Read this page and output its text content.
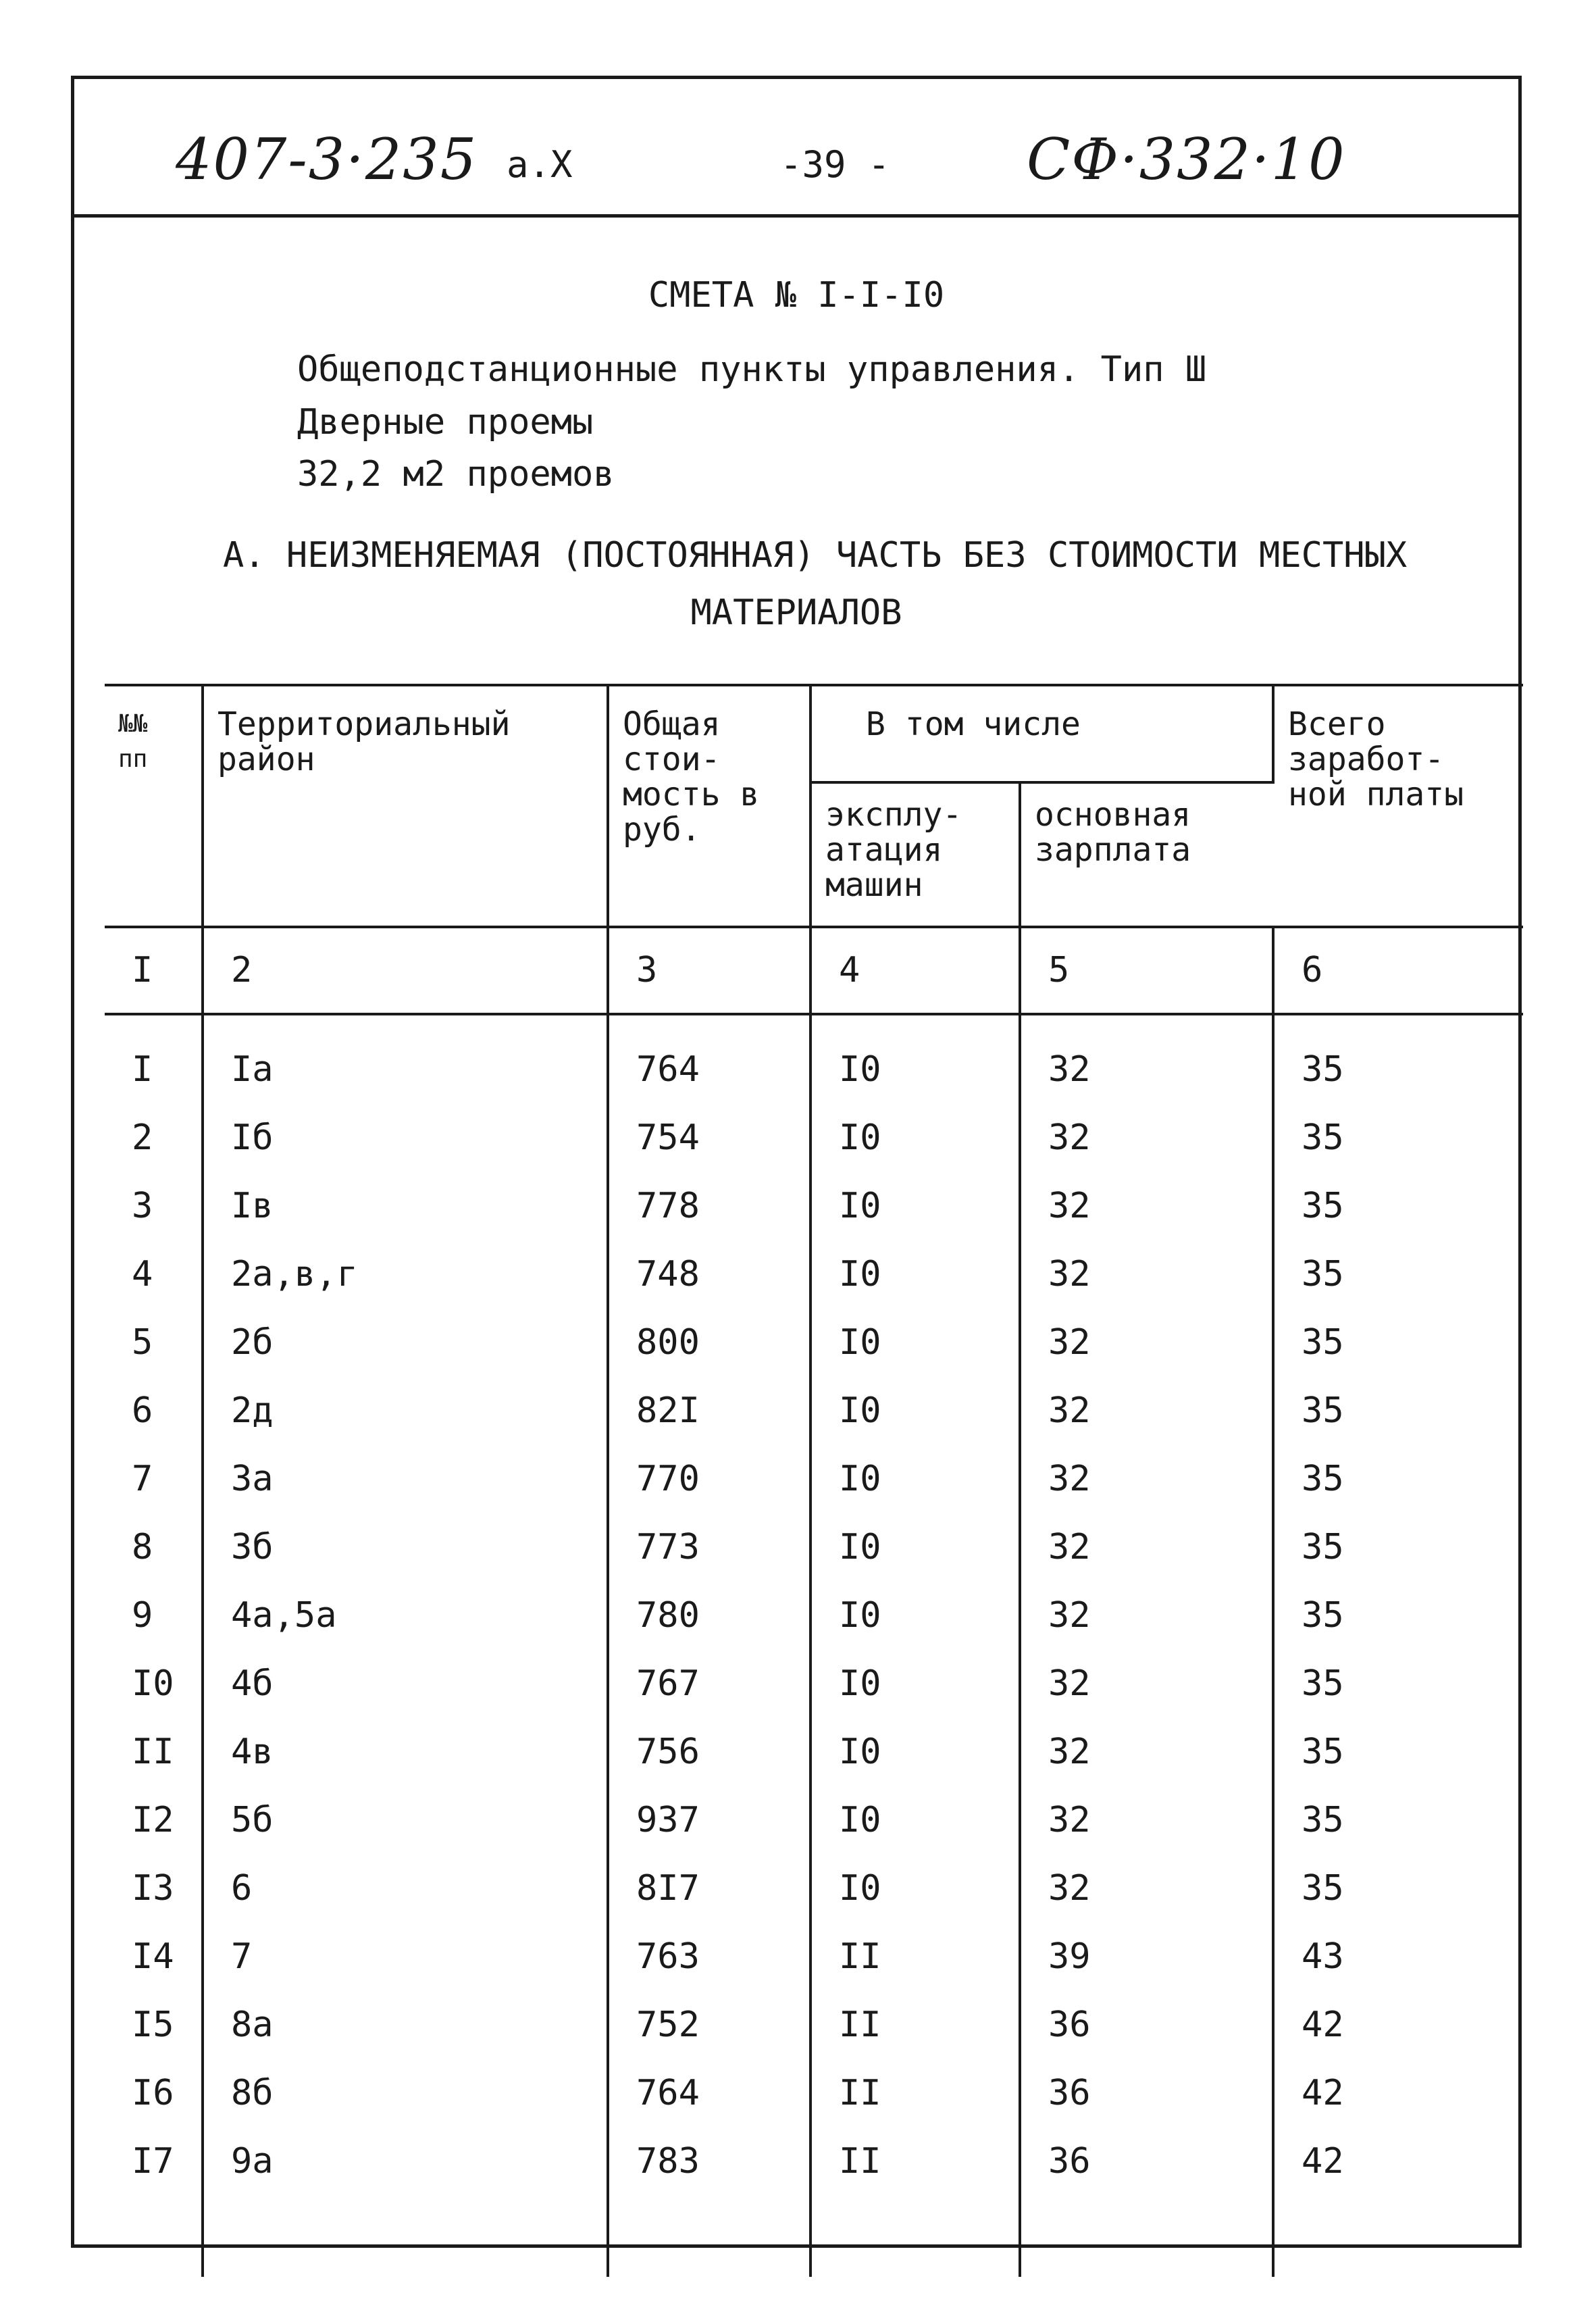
407-3·235 а.X	-39 - СФ·332·10
СМЕТА № I-I-I0
Общеподстанционные пункты управления. Тип Ш
Дверные проемы
32,2 м2 проемов
А. НЕИЗМЕНЯЕМАЯ (ПОСТОЯННАЯ) ЧАСТЬ БЕЗ СТОИМОСТИ МЕСТНЫХ
МАТЕРИАЛОВ
№№ пп	Территориальный район	Общая стои- мость в руб.	В том числе		Всего заработ- ной платы
			эксплу- атация машин	основная зарплата	
I	2	3	4	5	6
I	Iа	764	I0	32	35
2	Iб	754	I0	32	35
3	Iв	778	I0	32	35
4	2а,в,г	748	I0	32	35
5	2б	800	I0	32	35
6	2д	82I	I0	32	35
7	3а	770	I0	32	35
8	3б	773	I0	32	35
9	4а,5а	780	I0	32	35
I0	4б	767	I0	32	35
II	4в	756	I0	32	35
I2	5б	937	I0	32	35
I3	6	8I7	I0	32	35
I4	7	763	II	39	43
I5	8а	752	II	36	42
I6	8б	764	II	36	42
I7	9а	783	II	36	42
